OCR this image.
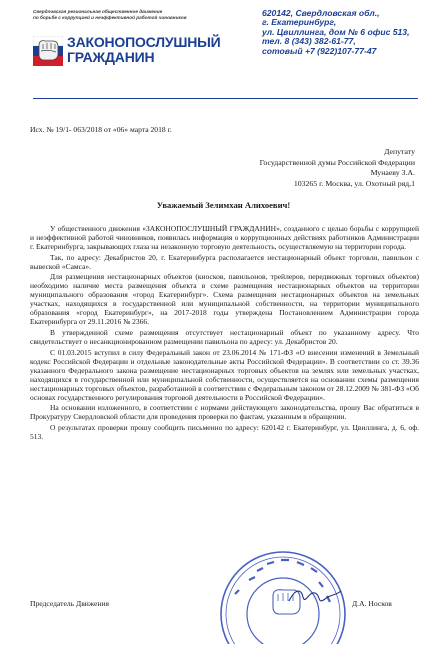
Свердловская региональная общественное движение
по борьбе с коррупцией и неэффективной работой чиновников
ЗАКОНОПОСЛУШНЫЙ
ГРАЖДАНИН
620142, Свердловская обл.,
г. Екатеринбург,
ул. Цвиллинга, дом № 6 офис 513,
тел. 8 (343) 382-61-77,
сотовый +7 (922)107-77-47
Исх. № 19/1- 063/2018 от «06» марта 2018 г.
Депутату
Государственной думы Российской Федерации
Мунаеву З.А.
103265 г. Москва, ул. Охотный ряд,1
Уважаемый Зелимхан Алихоевич!

У общественного движения «ЗАКОНОПОСЛУШНЫЙ ГРАЖДАНИН», созданного с целью борьбы с коррупцией и неэффективной работой чиновников, появилась информация о коррупционных действиях работников Администрации г. Екатеринбурга, закрывающих глаза на незаконную торговую деятельность, осуществляемую на территории города.

Так, по адресу: Декабристов 20, г. Екатеринбурга располагается нестационарный объект торговли, павильон с вывеской «Самса».

Для размещения нестационарных объектов (киосков, павильонов, трейлеров, передвижных торговых объектов) необходимо наличие места размещения объекта в схеме размещения нестационарных объектов на территории муниципального образования «город Екатеринбург». Схема размещения нестационарных объектов на земельных участках, находящихся в государственной или муниципальной собственности, на территории муниципального образования «город Екатеринбург», на 2017-2018 годы утверждена Постановлением Администрации города Екатеринбурга от 29.11.2016 № 2366.

В утвержденной схеме размещения отсутствует нестационарный объект по указанному адресу. Что свидетельствует о несанкционированном размещении павильона по адресу: ул. Декабристов 20.

С 01.03.2015 вступил в силу Федеральный закон от 23.06.2014 № 171-ФЗ «О внесении изменений в Земельный кодекс Российской Федерации и отдельные законодательные акты Российской Федерации». В соответствии со ст. 39.36 указанного Федерального закона размещение нестационарных торговых объектов на землях или земельных участках, находящихся в государственной или муниципальной собственности, осуществляется на основании схемы размещения нестационарных торговых объектов, разработанной в соответствии с Федеральным законом от 28.12.2009 № 381-ФЗ «Об основах государственного регулирования торговой деятельности в Российской Федерации».

На основании изложенного, в соответствии с нормами действующего законодательства, прошу Вас обратиться в Прокуратуру Свердловской области для проведения проверки по фактам, указанным в обращении.

О результатах проверки прошу сообщить письменно по адресу: 620142 г. Екатеринбург, ул. Цвиллинга, д. 6, оф. 513.

Председатель Движения	Д.А. Носков
